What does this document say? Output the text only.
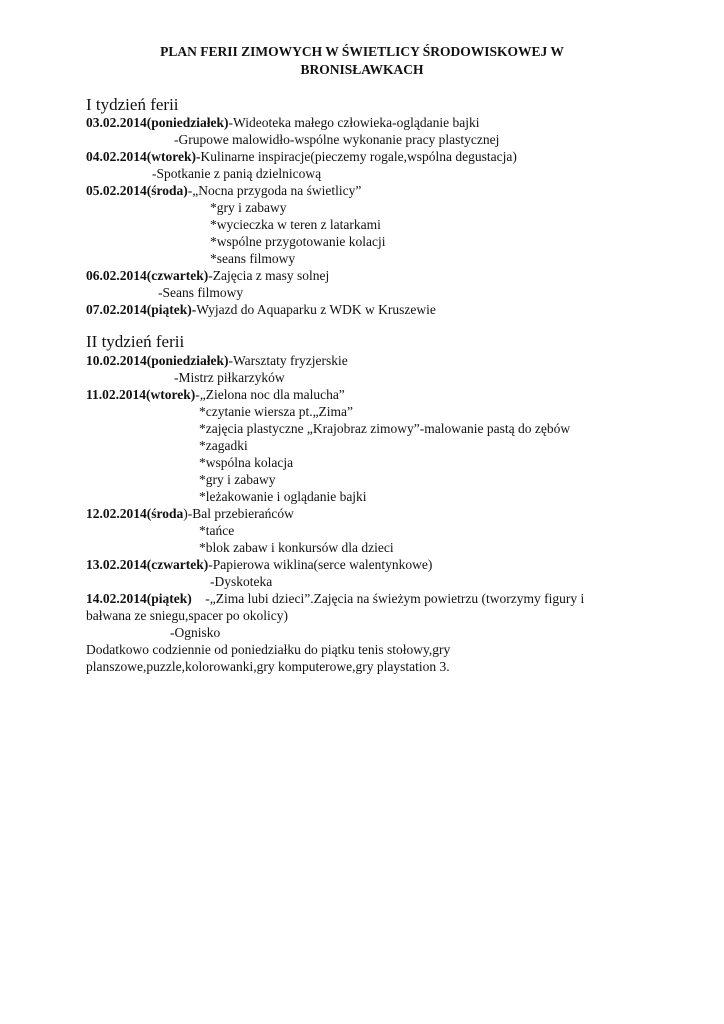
PLAN FERII ZIMOWYCH W ŚWIETLICY ŚRODOWISKOWEJ W
BRONISŁAWKACH
I tydzień ferii
03.02.2014(poniedziałek)-Wideoteka małego człowieka-oglądanie bajki
-Grupowe malowidło-wspólne wykonanie pracy plastycznej
04.02.2014(wtorek)-Kulinarne inspiracje(pieczemy rogale,wspólna degustacja)
-Spotkanie z panią dzielnicową
05.02.2014(środa)-„Nocna przygoda na świetlicy”
*gry i zabawy
*wycieczka w teren z latarkami
*wspólne przygotowanie kolacji
*seans filmowy
06.02.2014(czwartek)-Zajęcia z masy solnej
-Seans filmowy
07.02.2014(piątek)-Wyjazd do Aquaparku z WDK w Kruszewie
II tydzień ferii
10.02.2014(poniedziałek)-Warsztaty fryzjerskie
-Mistrz piłkarzyków
11.02.2014(wtorek)-„Zielona noc dla malucha”
*czytanie wiersza pt.„Zima”
*zajęcia plastyczne „Krajobraz zimowy”-malowanie pastą do zębów
*zagadki
*wspólna kolacja
*gry i zabawy
*leżakowanie i oglądanie bajki
12.02.2014(środa)-Bal przebierańców
*tańce
*blok zabaw i konkursów dla dzieci
13.02.2014(czwartek)-Papierowa wiklina(serce walentynkowe)
-Dyskoteka
14.02.2014(piątek)    -„Zima lubi dzieci”.Zajęcia na świeżym powietrzu (tworzymy figury i
bałwana ze sniegu,spacer po okolicy)
-Ognisko
Dodatkowo codziennie od poniedziałku do piątku tenis stołowy,gry
planszowe,puzzle,kolorowanki,gry komputerowe,gry playstation 3.
